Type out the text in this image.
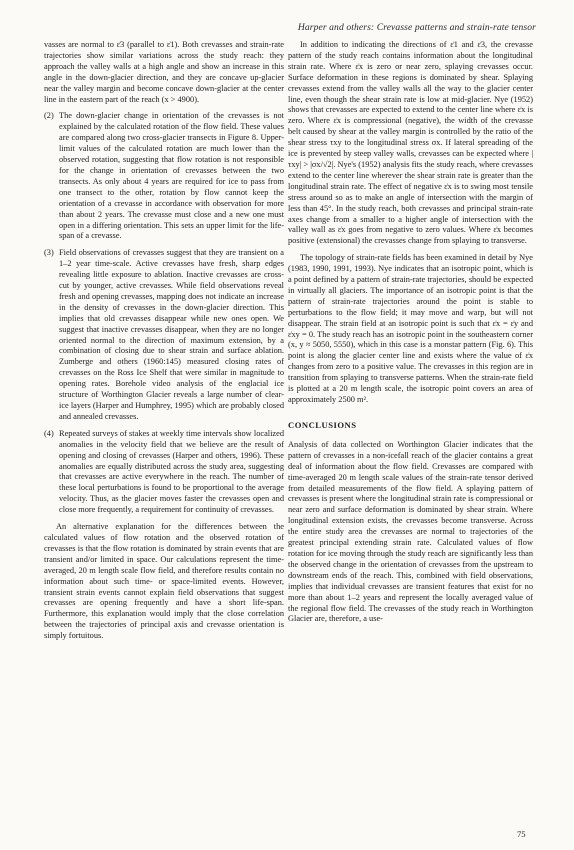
Harper and others: Crevasse patterns and strain-rate tensor

vasses are normal to ε̇3 (parallel to ε̇1). Both crevasses and strain-rate trajectories show similar variations across the study reach: they approach the valley walls at a high angle and show an increase in this angle in the down-glacier direction, and they are concave up-glacier near the valley margin and become concave down-glacier at the center line in the eastern part of the reach (x > 4900).

(2) The down-glacier change in orientation of the crevasses is not explained by the calculated rotation of the flow field. These values are compared along two cross-glacier transects in Figure 8. Upper-limit values of the calculated rotation are much lower than the observed rotation, suggesting that flow rotation is not responsible for the change in orientation of crevasses between the two transects. As only about 4 years are required for ice to pass from one transect to the other, rotation by flow cannot keep the orientation of a crevasse in accordance with observation for more than about 2 years. The crevasse must close and a new one must open in a differing orientation. This sets an upper limit for the life-span of a crevasse.
(3) Field observations of crevasses suggest that they are transient on a 1–2 year time-scale. Active crevasses have fresh, sharp edges revealing little exposure to ablation. Inactive crevasses are cross-cut by younger, active crevasses. While field observations reveal fresh and opening crevasses, mapping does not indicate an increase in the density of crevasses in the down-glacier direction. This implies that old crevasses disappear while new ones open. We suggest that inactive crevasses disappear, when they are no longer oriented normal to the direction of maximum extension, by a combination of closing due to shear strain and surface ablation. Zumberge and others (1960:145) measured closing rates of crevasses on the Ross Ice Shelf that were similar in magnitude to opening rates. Borehole video analysis of the englacial ice structure of Worthington Glacier reveals a large number of clear-ice layers (Harper and Humphrey, 1995) which are probably closed and annealed crevasses.
(4) Repeated surveys of stakes at weekly time intervals show localized anomalies in the velocity field that we believe are the result of opening and closing of crevasses (Harper and others, 1996). These anomalies are equally distributed across the study area, suggesting that crevasses are active everywhere in the reach. The number of these local perturbations is found to be proportional to the average velocity. Thus, as the glacier moves faster the crevasses open and close more frequently, a requirement for continuity of crevasses.

An alternative explanation for the differences between the calculated values of flow rotation and the observed rotation of crevasses is that the flow rotation is dominated by strain events that are transient and/or limited in space. Our calculations represent the time-averaged, 20 m length scale flow field, and therefore results contain no information about such time- or space-limited events. However, transient strain events cannot explain field observations that suggest crevasses are opening frequently and have a short life-span. Furthermore, this explanation would imply that the close correlation between the trajectories of principal axis and crevasse orientation is simply fortuitous.

In addition to indicating the directions of ε̇1 and ε̇3, the crevasse pattern of the study reach contains information about the longitudinal strain rate. Where ε̇x is zero or near zero, splaying crevasses occur. Surface deformation in these regions is dominated by shear. Splaying crevasses extend from the valley walls all the way to the glacier center line, even though the shear strain rate is low at mid-glacier. Nye (1952) shows that crevasses are expected to extend to the center line where ε̇x is zero. Where ε̇x is compressional (negative), the width of the crevasse belt caused by shear at the valley margin is controlled by the ratio of the shear stress τxy to the longitudinal stress σx. If lateral spreading of the ice is prevented by steep valley walls, crevasses can be expected where |τxy| > |σx/√2|. Nye's (1952) analysis fits the study reach, where crevasses extend to the center line wherever the shear strain rate is greater than the longitudinal strain rate. The effect of negative ε̇x is to swing most tensile stress around so as to make an angle of intersection with the margin of less than 45°. In the study reach, both crevasses and principal strain-rate axes change from a smaller to a higher angle of intersection with the valley wall as ε̇x goes from negative to zero values. Where ε̇x becomes positive (extensional) the crevasses change from splaying to transverse.

The topology of strain-rate fields has been examined in detail by Nye (1983, 1990, 1991, 1993). Nye indicates that an isotropic point, which is a point defined by a pattern of strain-rate trajectories, should be expected in virtually all glaciers. The importance of an isotropic point is that the pattern of strain-rate trajectories around the point is stable to perturbations to the flow field; it may move and warp, but will not disappear. The strain field at an isotropic point is such that ε̇x = ε̇y and ε̇xy = 0. The study reach has an isotropic point in the southeastern corner (x, y ≈ 5050, 5550), which in this case is a monstar pattern (Fig. 6). This point is along the glacier center line and exists where the value of ε̇x changes from zero to a positive value. The crevasses in this region are in transition from splaying to transverse patterns. When the strain-rate field is plotted at a 20 m length scale, the isotropic point covers an area of approximately 2500 m².

CONCLUSIONS

Analysis of data collected on Worthington Glacier indicates that the pattern of crevasses in a non-icefall reach of the glacier contains a great deal of information about the flow field. Crevasses are compared with time-averaged 20 m length scale values of the strain-rate tensor derived from detailed measurements of the flow field. A splaying pattern of crevasses is present where the longitudinal strain rate is compressional or near zero and surface deformation is dominated by shear strain. Where longitudinal extension exists, the crevasses become transverse. Across the entire study area the crevasses are normal to trajectories of the greatest principal extending strain rate. Calculated values of flow rotation for ice moving through the study reach are significantly less than the observed change in the orientation of crevasses from the upstream to downstream ends of the reach. This, combined with field observations, implies that individual crevasses are transient features that exist for no more than about 1–2 years and represent the locally averaged value of the regional flow field. The crevasses of the study reach in Worthington Glacier are, therefore, a use-

75
